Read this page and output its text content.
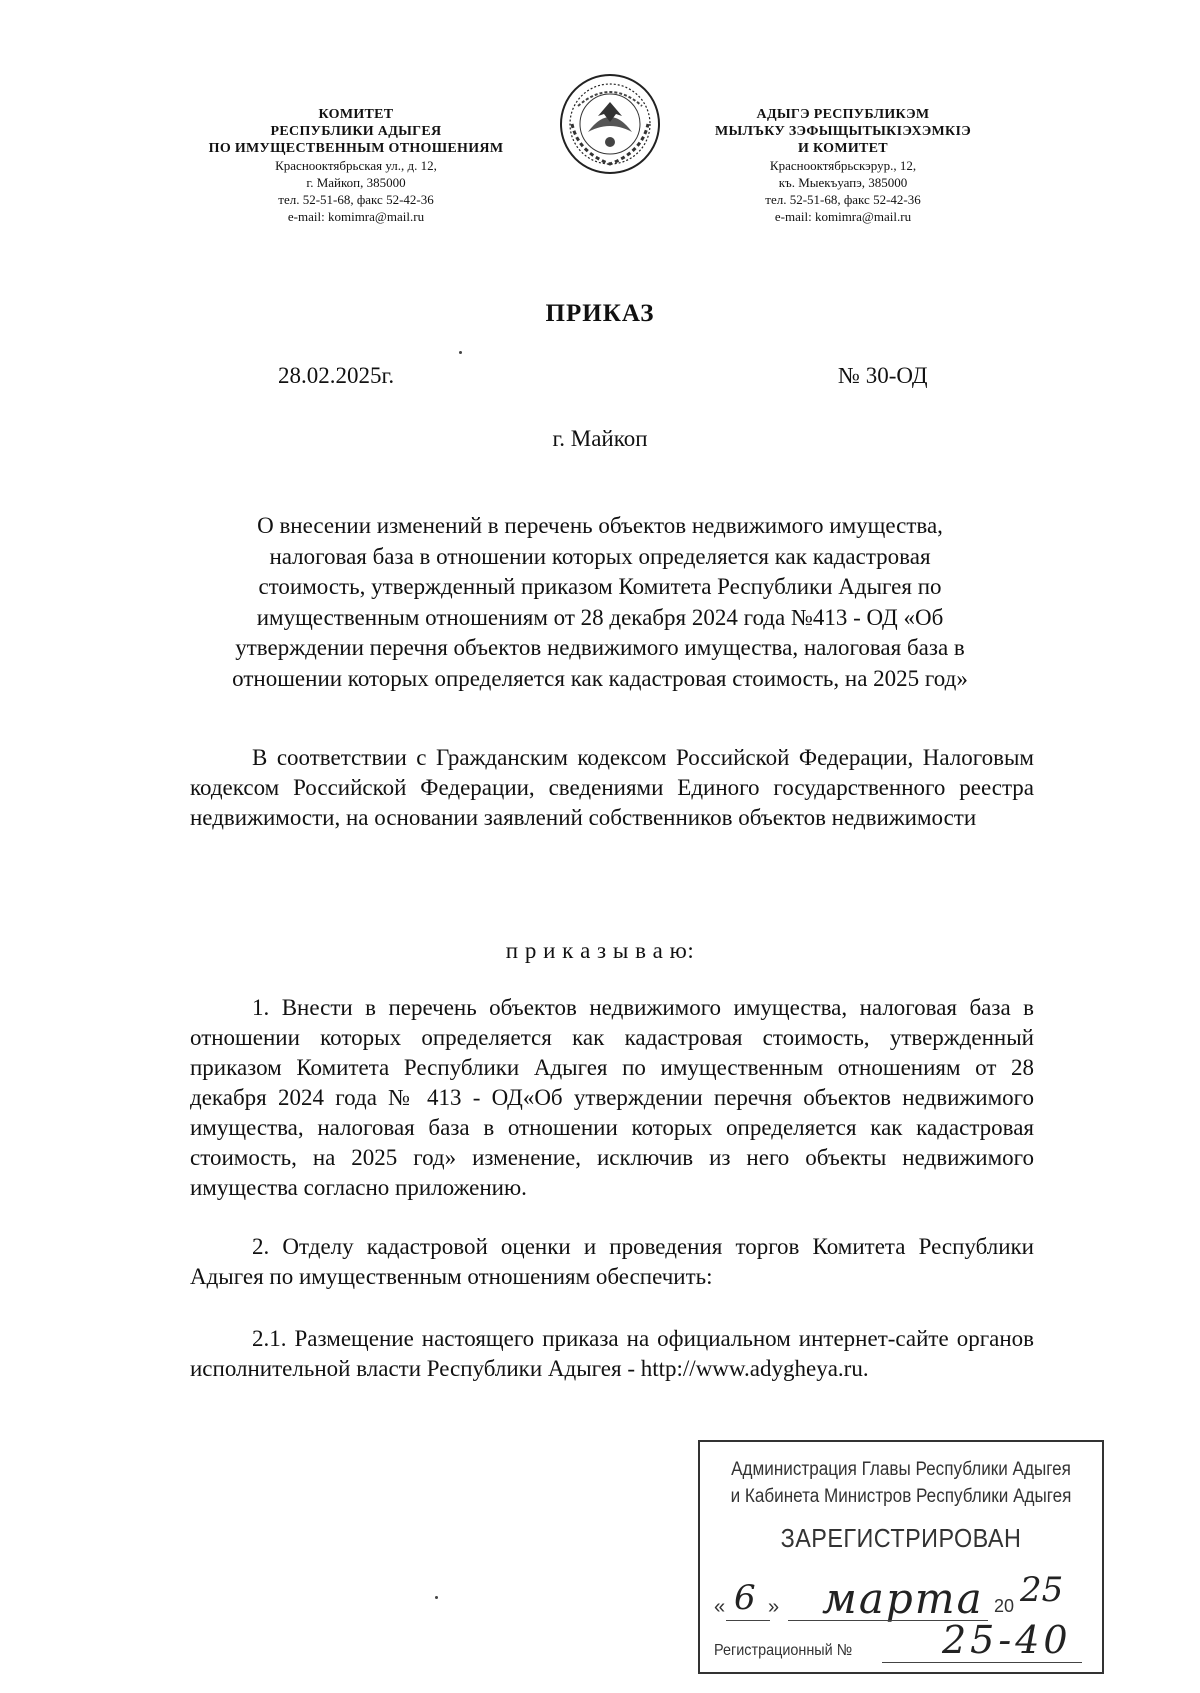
КОМИТЕТ
РЕСПУБЛИКИ АДЫГЕЯ
ПО ИМУЩЕСТВЕННЫМ ОТНОШЕНИЯМ
Краснооктябрьская ул., д. 12,
г. Майкоп, 385000
тел. 52-51-68, факс 52-42-36
e-mail: komimra@mail.ru
АДЫГЭ РЕСПУБЛИКЭМ
МЫЛЪКУ ЗЭФЫЩЫТЫКIЭХЭМКIЭ
И КОМИТЕТ
Краснооктябрьскэрур., 12,
къ. Мыекъуапэ, 385000
тел. 52-51-68, факс 52-42-36
e-mail: komimra@mail.ru
ПРИКАЗ
28.02.2025г.	№ 30-ОД
г. Майкоп
О внесении изменений в перечень объектов недвижимого имущества,
налоговая база в отношении которых определяется как кадастровая
стоимость, утвержденный приказом Комитета Республики Адыгея по
имущественным отношениям от 28 декабря 2024 года №413 - ОД «Об
утверждении перечня объектов недвижимого имущества, налоговая база в
отношении которых определяется как кадастровая стоимость, на 2025 год»

В соответствии с Гражданским кодексом Российской Федерации, Налоговым кодексом Российской Федерации, сведениями Единого государственного реестра недвижимости, на основании заявлений собственников объектов недвижимости

п р и к а з ы в а ю:

1. Внести в перечень объектов недвижимого имущества, налоговая база в отношении которых определяется как кадастровая стоимость, утвержденный приказом Комитета Республики Адыгея по имущественным отношениям от 28 декабря 2024 года № 413 - ОД«Об утверждении перечня объектов недвижимого имущества, налоговая база в отношении которых определяется как кадастровая стоимость, на 2025 год» изменение, исключив из него объекты недвижимого имущества согласно приложению.

2. Отделу кадастровой оценки и проведения торгов Комитета Республики Адыгея по имущественным отношениям обеспечить:

2.1. Размещение настоящего приказа на официальном интернет-сайте органов исполнительной власти Республики Адыгея - http://www.adygheya.ru.

Администрация Главы Республики Адыгея
и Кабинета Министров Республики Адыгея
ЗАРЕГИСТРИРОВАН
« 6 » марта 20 25
Регистрационный № 25-40
